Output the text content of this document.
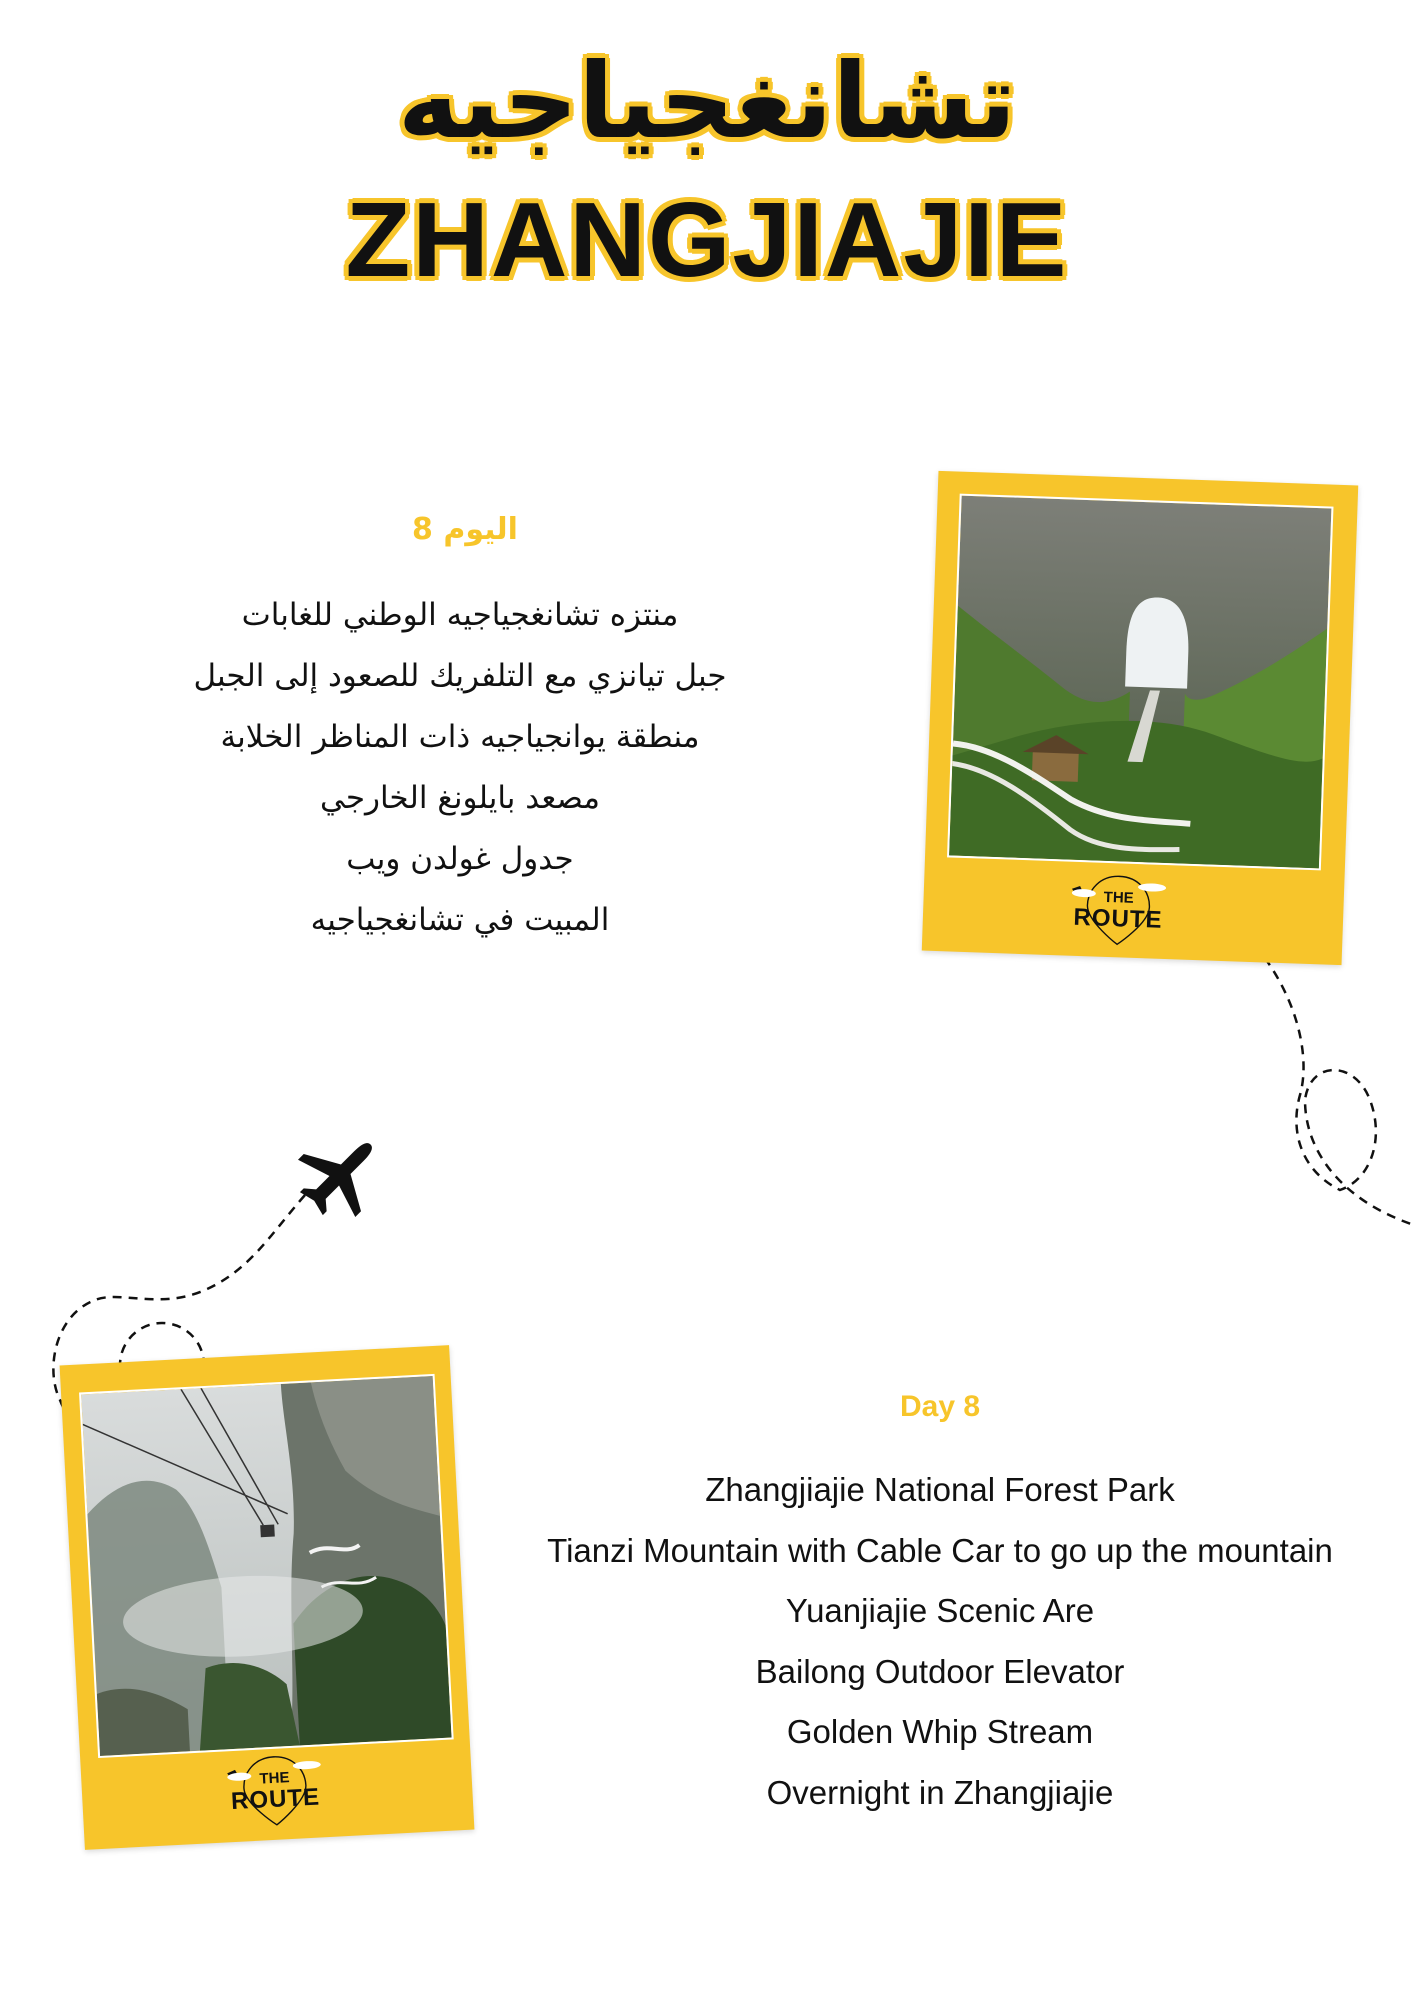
تشانغجياجيه
ZHANGJIAJIE
اليوم 8
منتزه تشانغجياجيه الوطني للغابات
جبل تيانزي مع التلفريك للصعود إلى الجبل
منطقة يوانجياجيه ذات المناظر الخلابة
مصعد بايلونغ الخارجي
جدول غولدن ويب
المبيت في تشانغجياجيه
Day 8
Zhangjiajie National Forest Park
Tianzi Mountain with Cable Car to go up the mountain
Yuanjiajie Scenic Are
Bailong Outdoor Elevator
Golden Whip Stream
Overnight in Zhangjiajie
THE
ROUTE
THE
ROUTE
